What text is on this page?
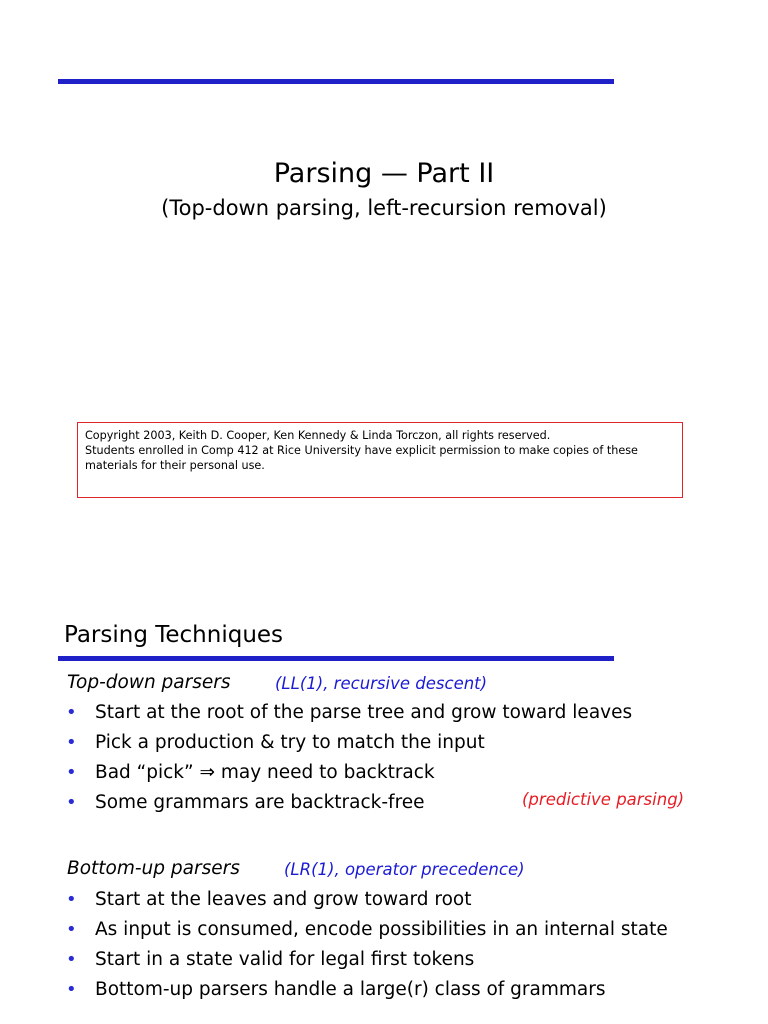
Parsing — Part II
(Top-down parsing, left-recursion removal)
Copyright 2003, Keith D. Cooper, Ken Kennedy & Linda Torczon, all rights reserved.
Students enrolled in Comp 412 at Rice University have explicit permission to make copies of these
materials for their personal use.
Parsing Techniques
Top-down parsers	(LL(1), recursive descent)
• Start at the root of the parse tree and grow toward leaves
• Pick a production & try to match the input
• Bad “pick” ⇒ may need to backtrack
• Some grammars are backtrack-free	(predictive parsing)
Bottom-up parsers	(LR(1), operator precedence)
• Start at the leaves and grow toward root
• As input is consumed, encode possibilities in an internal state
• Start in a state valid for legal first tokens
• Bottom-up parsers handle a large(r) class of grammars
